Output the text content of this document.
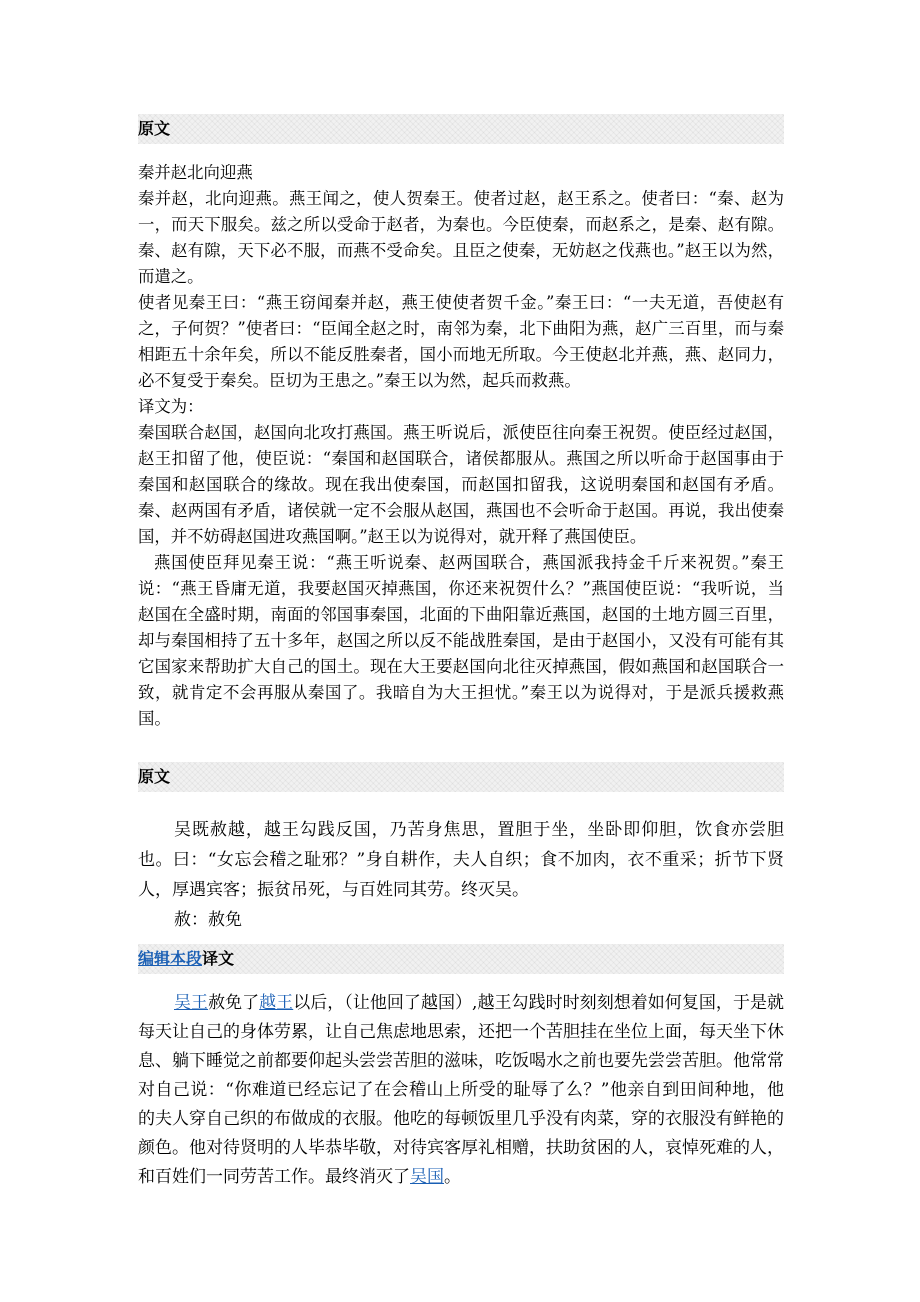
原文

秦并赵北向迎燕

秦并赵，北向迎燕。燕王闻之，使人贺秦王。使者过赵，赵王系之。使者曰：“秦、赵为一，而天下服矣。兹之所以受命于赵者，为秦也。今臣使秦，而赵系之，是秦、赵有隙。秦、赵有隙，天下必不服，而燕不受命矣。且臣之使秦，无妨赵之伐燕也。”赵王以为然，而遣之。

使者见秦王曰：“燕王窃闻秦并赵，燕王使使者贺千金。”秦王曰：“一夫无道，吾使赵有之，子何贺？”使者曰：“臣闻全赵之时，南邻为秦，北下曲阳为燕，赵广三百里，而与秦相距五十余年矣，所以不能反胜秦者，国小而地无所取。今王使赵北并燕，燕、赵同力，必不复受于秦矣。臣切为王患之。”秦王以为然，起兵而救燕。

译文为：

秦国联合赵国，赵国向北攻打燕国。燕王听说后，派使臣往向秦王祝贺。使臣经过赵国，赵王扣留了他，使臣说：“秦国和赵国联合，诸侯都服从。燕国之所以听命于赵国事由于秦国和赵国联合的缘故。现在我出使秦国，而赵国扣留我，这说明秦国和赵国有矛盾。秦、赵两国有矛盾，诸侯就一定不会服从赵国，燕国也不会听命于赵国。再说，我出使秦国，并不妨碍赵国进攻燕国啊。”赵王以为说得对，就开释了燕国使臣。

燕国使臣拜见秦王说：“燕王听说秦、赵两国联合，燕国派我持金千斤来祝贺。”秦王说：“燕王昏庸无道，我要赵国灭掉燕国，你还来祝贺什么？”燕国使臣说：“我听说，当赵国在全盛时期，南面的邻国事秦国，北面的下曲阳靠近燕国，赵国的土地方圆三百里，却与秦国相持了五十多年，赵国之所以反不能战胜秦国，是由于赵国小，又没有可能有其它国家来帮助扩大自己的国土。现在大王要赵国向北往灭掉燕国，假如燕国和赵国联合一致，就肯定不会再服从秦国了。我暗自为大王担忧。”秦王以为说得对，于是派兵援救燕国。

原文

吴既赦越，越王勾践反国，乃苦身焦思，置胆于坐，坐卧即仰胆，饮食亦尝胆也。曰：“女忘会稽之耻邪？”身自耕作，夫人自织；食不加肉，衣不重采；折节下贤人，厚遇宾客；振贫吊死，与百姓同其劳。终灭吴。

赦：赦免

编辑本段译文

吴王赦免了越王以后，（让他回了越国）,越王勾践时时刻刻想着如何复国，于是就每天让自己的身体劳累，让自己焦虑地思索，还把一个苦胆挂在坐位上面，每天坐下休息、躺下睡觉之前都要仰起头尝尝苦胆的滋味，吃饭喝水之前也要先尝尝苦胆。他常常对自己说：“你难道已经忘记了在会稽山上所受的耻辱了么？”他亲自到田间种地，他的夫人穿自己织的布做成的衣服。他吃的每顿饭里几乎没有肉菜，穿的衣服没有鲜艳的颜色。他对待贤明的人毕恭毕敬，对待宾客厚礼相赠，扶助贫困的人，哀悼死难的人，和百姓们一同劳苦工作。最终消灭了吴国。
